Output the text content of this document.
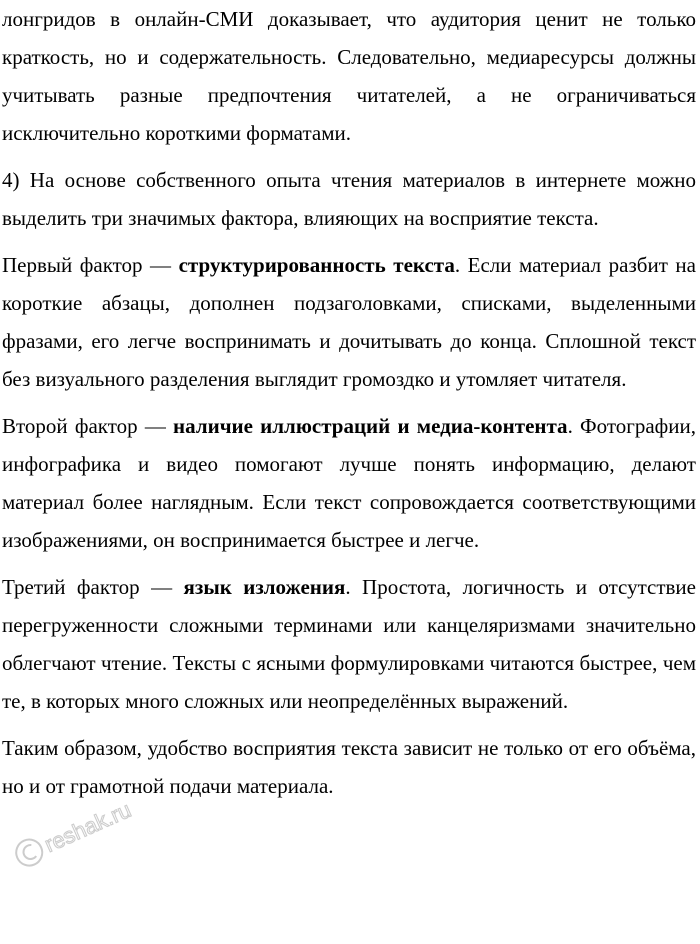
лонгридов в онлайн-СМИ доказывает, что аудитория ценит не только краткость, но и содержательность. Следовательно, медиаресурсы должны учитывать разные предпочтения читателей, а не ограничиваться исключительно короткими форматами.

4) На основе собственного опыта чтения материалов в интернете можно выделить три значимых фактора, влияющих на восприятие текста.

Первый фактор — структурированность текста. Если материал разбит на короткие абзацы, дополнен подзаголовками, списками, выделенными фразами, его легче воспринимать и дочитывать до конца. Сплошной текст без визуального разделения выглядит громоздко и утомляет читателя.

Второй фактор — наличие иллюстраций и медиа-контента. Фотографии, инфографика и видео помогают лучше понять информацию, делают материал более наглядным. Если текст сопровождается соответствующими изображениями, он воспринимается быстрее и легче.

Третий фактор — язык изложения. Простота, логичность и отсутствие перегруженности сложными терминами или канцеляризмами значительно облегчают чтение. Тексты с ясными формулировками читаются быстрее, чем те, в которых много сложных или неопределённых выражений.

Таким образом, удобство восприятия текста зависит не только от его объёма, но и от грамотной подачи материала.

reshak.ru
